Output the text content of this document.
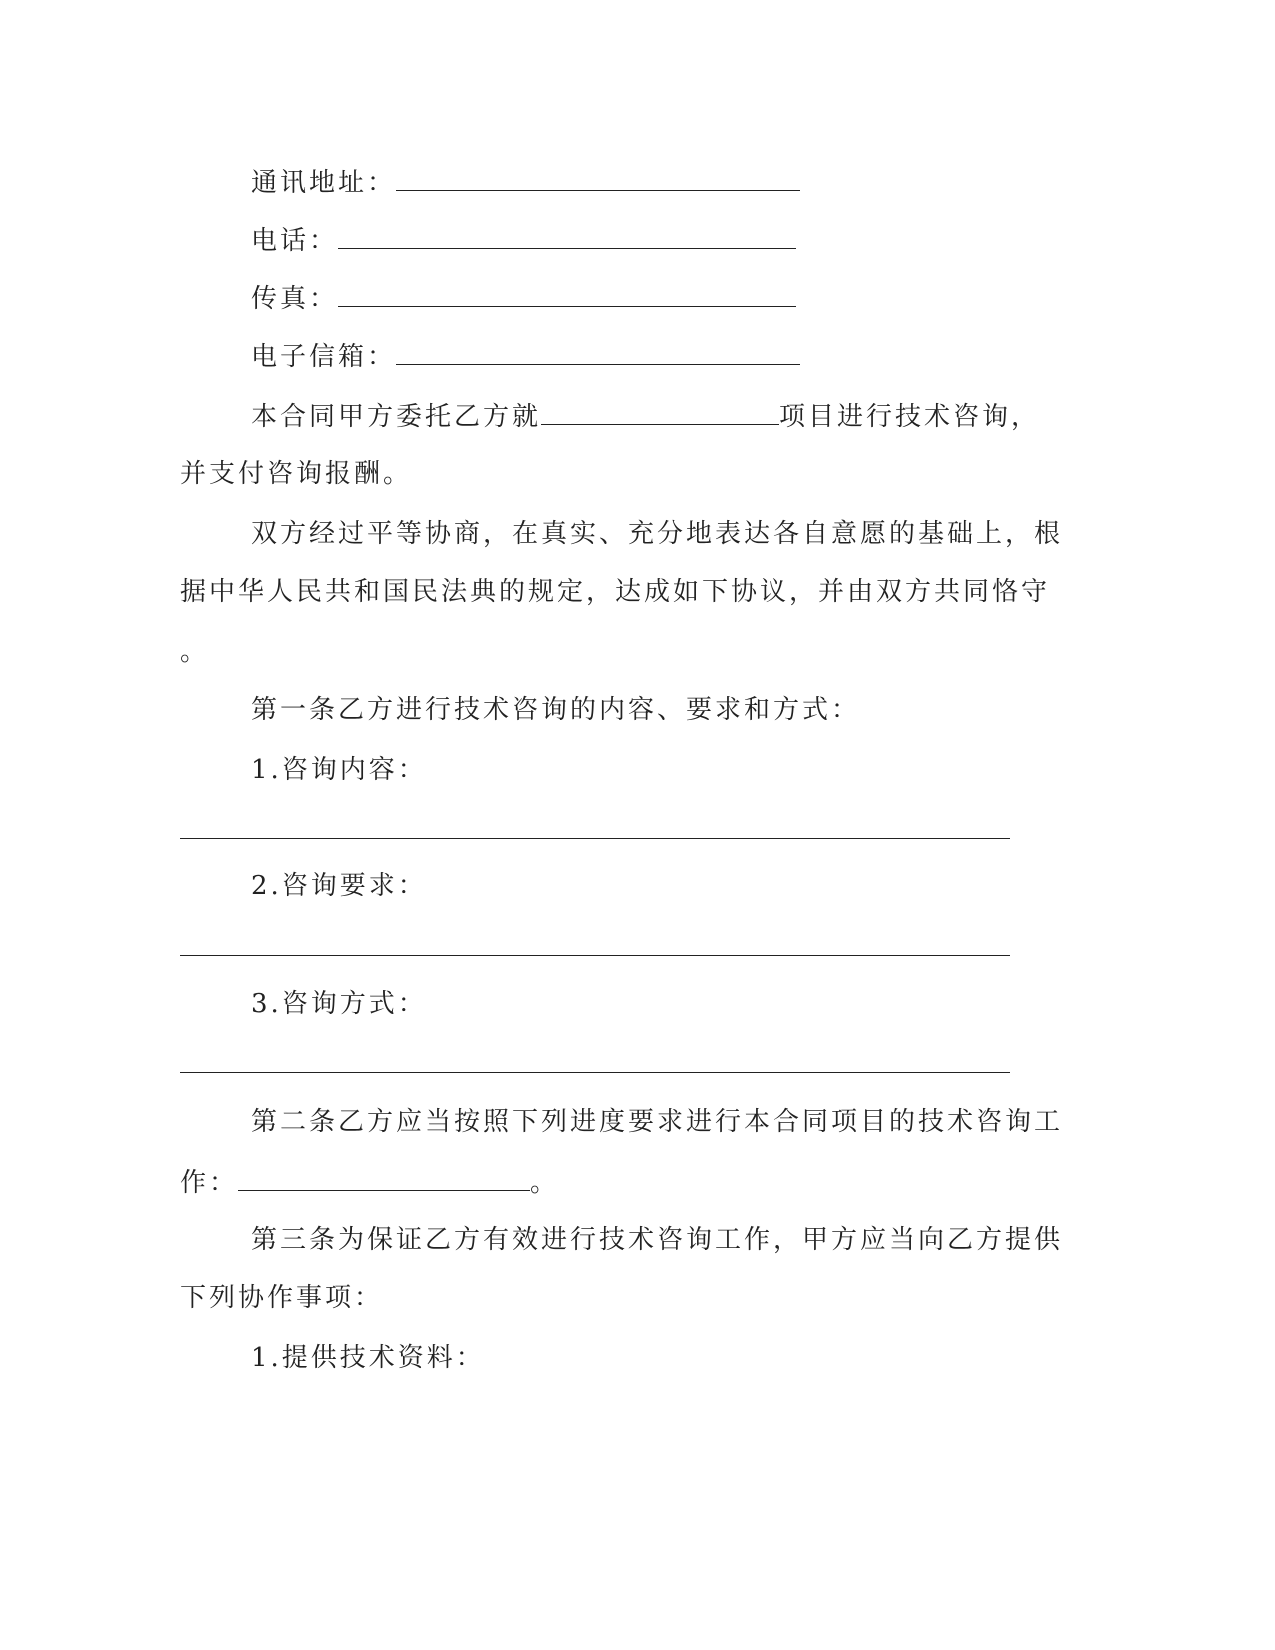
通讯地址：
电话：
传真：
电子信箱：
本合同甲方委托乙方就	项目进行技术咨询，
并支付咨询报酬。
双方经过平等协商，在真实、充分地表达各自意愿的基础上，根
据中华人民共和国民法典的规定，达成如下协议，并由双方共同恪守
。
第一条乙方进行技术咨询的内容、要求和方式：
1.咨询内容：
2.咨询要求：
3.咨询方式：
第二条乙方应当按照下列进度要求进行本合同项目的技术咨询工
作：	。
第三条为保证乙方有效进行技术咨询工作，甲方应当向乙方提供
下列协作事项：
1.提供技术资料：
